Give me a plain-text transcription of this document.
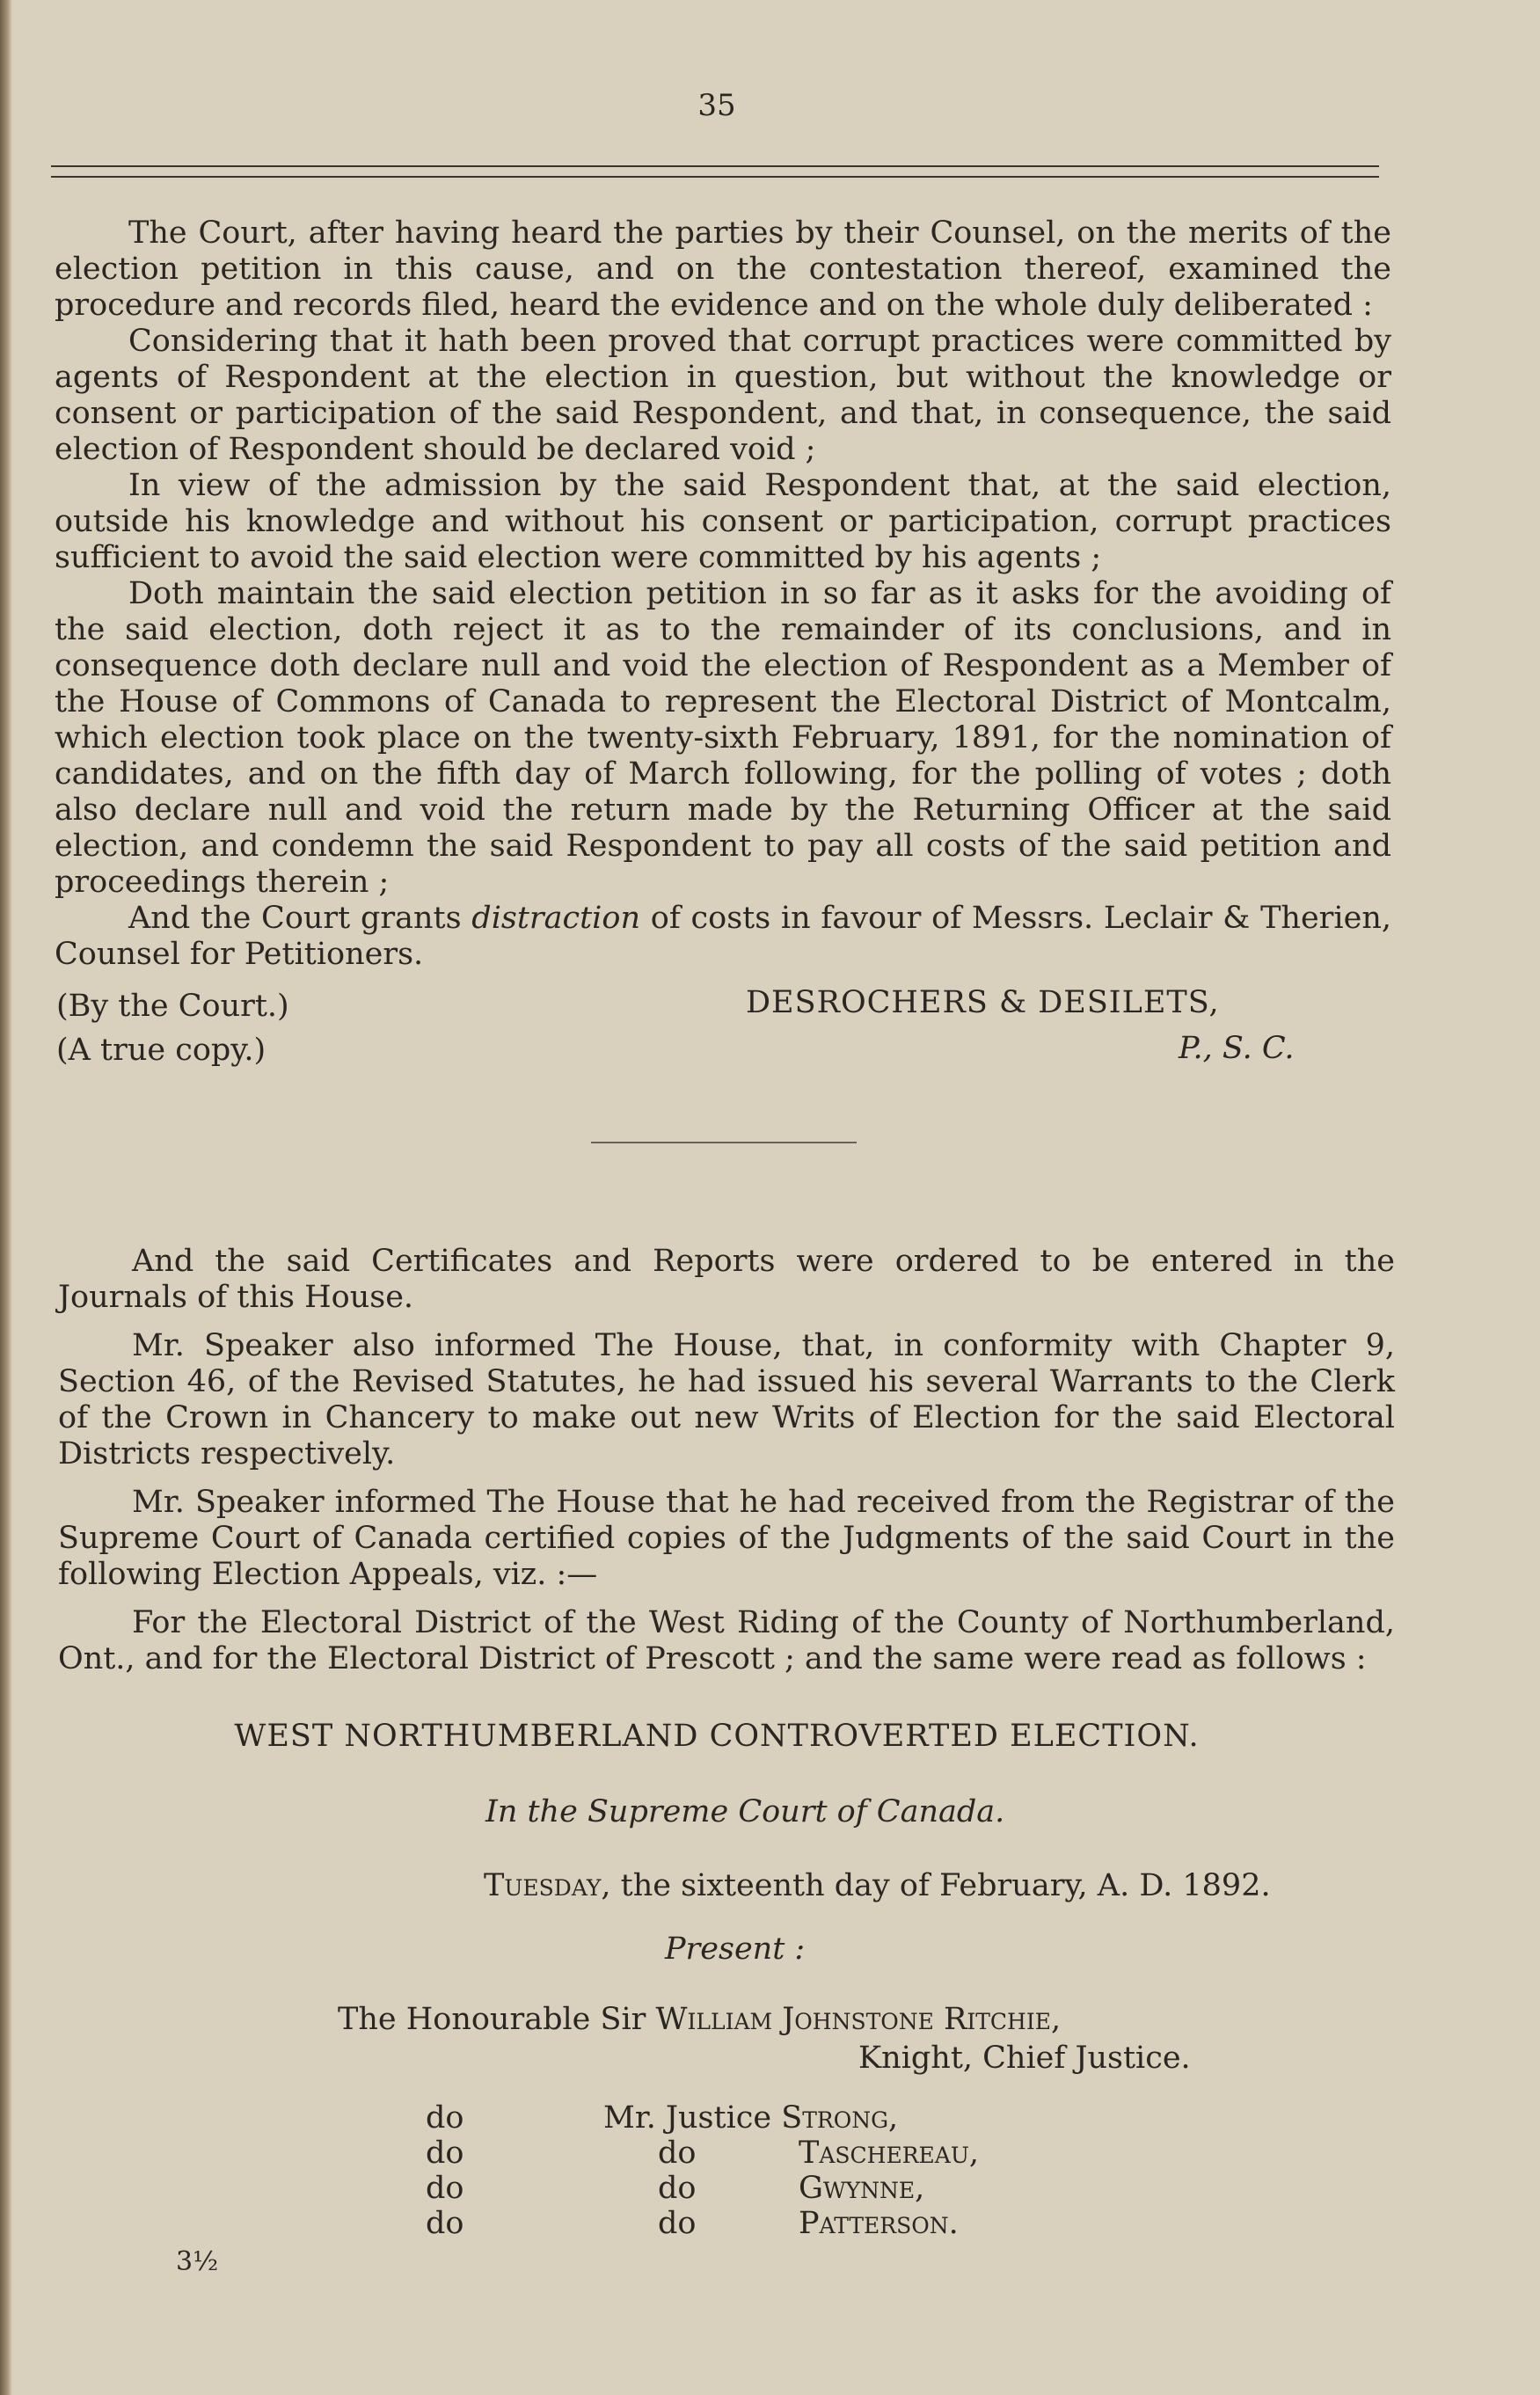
35

The Court, after having heard the parties by their Counsel, on the merits of the election petition in this cause, and on the contestation thereof, examined the procedure and records filed, heard the evidence and on the whole duly deliberated :

Considering that it hath been proved that corrupt practices were committed by agents of Respondent at the election in question, but without the knowledge or consent or participation of the said Respondent, and that, in consequence, the said election of Respondent should be declared void ;

In view of the admission by the said Respondent that, at the said election, outside his knowledge and without his consent or participation, corrupt practices sufficient to avoid the said election were committed by his agents ;

Doth maintain the said election petition in so far as it asks for the avoiding of the said election, doth reject it as to the remainder of its conclusions, and in consequence doth declare null and void the election of Respondent as a Member of the House of Commons of Canada to represent the Electoral District of Montcalm, which election took place on the twenty-sixth February, 1891, for the nomination of candidates, and on the fifth day of March following, for the polling of votes ; doth also declare null and void the return made by the Returning Officer at the said election, and condemn the said Respondent to pay all costs of the said petition and proceedings therein ;

And the Court grants distraction of costs in favour of Messrs. Leclair & Therien, Counsel for Petitioners.

(By the Court.)
(A true copy.)
DESROCHERS & DESILETS,
P., S. C.

And the said Certificates and Reports were ordered to be entered in the Journals of this House.

Mr. Speaker also informed The House, that, in conformity with Chapter 9, Section 46, of the Revised Statutes, he had issued his several Warrants to the Clerk of the Crown in Chancery to make out new Writs of Election for the said Electoral Districts respectively.

Mr. Speaker informed The House that he had received from the Registrar of the Supreme Court of Canada certified copies of the Judgments of the said Court in the following Election Appeals, viz. :—

For the Electoral District of the West Riding of the County of Northumberland, Ont., and for the Electoral District of Prescott ; and the same were read as follows :

WEST NORTHUMBERLAND CONTROVERTED ELECTION.
In the Supreme Court of Canada.
Tuesday, the sixteenth day of February, A. D. 1892.
Present :
The Honourable Sir William Johnstone Ritchie,
Knight, Chief Justice.
do	Mr. Justice Strong,
do	do	Taschereau,
do	do	Gwynne,
do	do	Patterson.
3½
